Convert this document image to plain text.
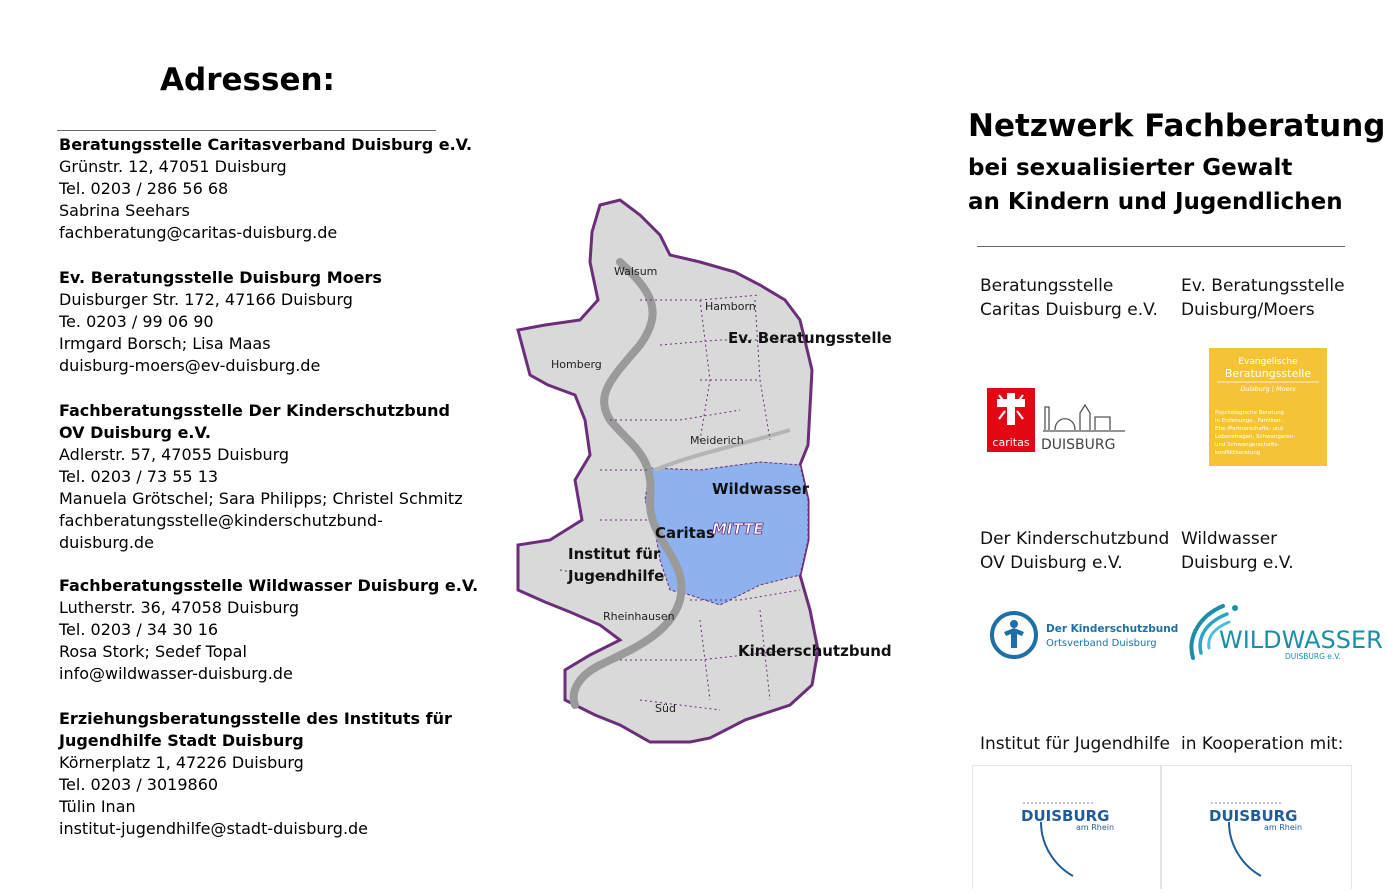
Adressen:
Beratungsstelle Caritasverband Duisburg e.V.
Grünstr. 12, 47051 Duisburg
Tel. 0203 / 286 56 68
Sabrina Seehars
fachberatung@caritas-duisburg.de
Ev. Beratungsstelle Duisburg Moers
Duisburger Str. 172, 47166 Duisburg
Te. 0203 / 99 06 90
Irmgard Borsch; Lisa Maas
duisburg-moers@ev-duisburg.de
Fachberatungsstelle Der Kinderschutzbund
OV Duisburg e.V.
Adlerstr. 57, 47055 Duisburg
Tel. 0203 / 73 55 13
Manuela Grötschel; Sara Philipps; Christel Schmitz
fachberatungsstelle@kinderschutzbund-
duisburg.de
Fachberatungsstelle Wildwasser Duisburg e.V.
Lutherstr. 36, 47058 Duisburg
Tel. 0203 / 34 30 16
Rosa Stork; Sedef Topal
info@wildwasser-duisburg.de
Erziehungsberatungsstelle des Instituts für
Jugendhilfe Stadt Duisburg
Körnerplatz 1, 47226 Duisburg
Tel. 0203 / 3019860
Tülin Inan
institut-jugendhilfe@stadt-duisburg.de
Walsum
Hamborn
Homberg
Meiderich
Rheinhausen
Süd
Ev. Beratungsstelle
Wildwasser
Caritas
MITTE
Institut für
Jugendhilfe
Kinderschutzbund
Netzwerk Fachberatung
bei sexualisierter Gewalt
an Kindern und Jugendlichen
Beratungsstelle
Caritas Duisburg e.V.
Ev. Beratungsstelle
Duisburg/Moers
Der Kinderschutzbund
OV Duisburg e.V.
Wildwasser
Duisburg e.V.
Institut für Jugendhilfe in Kooperation mit:
caritas DUISBURG
Evangelische
Beratungsstelle
Duisburg | Moers
Psychologische Beratung
in Erziehungs-, Familien-,
Ehe-/Partnerschafts- und
Lebensfragen, Schwangeren-
und Schwangerschafts-
konfliktberatung
Der Kinderschutzbund
Ortsverband Duisburg	WILDWASSER
DUISBURG e.V.
DUISBURG
am Rhein
DUISBURG
am Rhein
